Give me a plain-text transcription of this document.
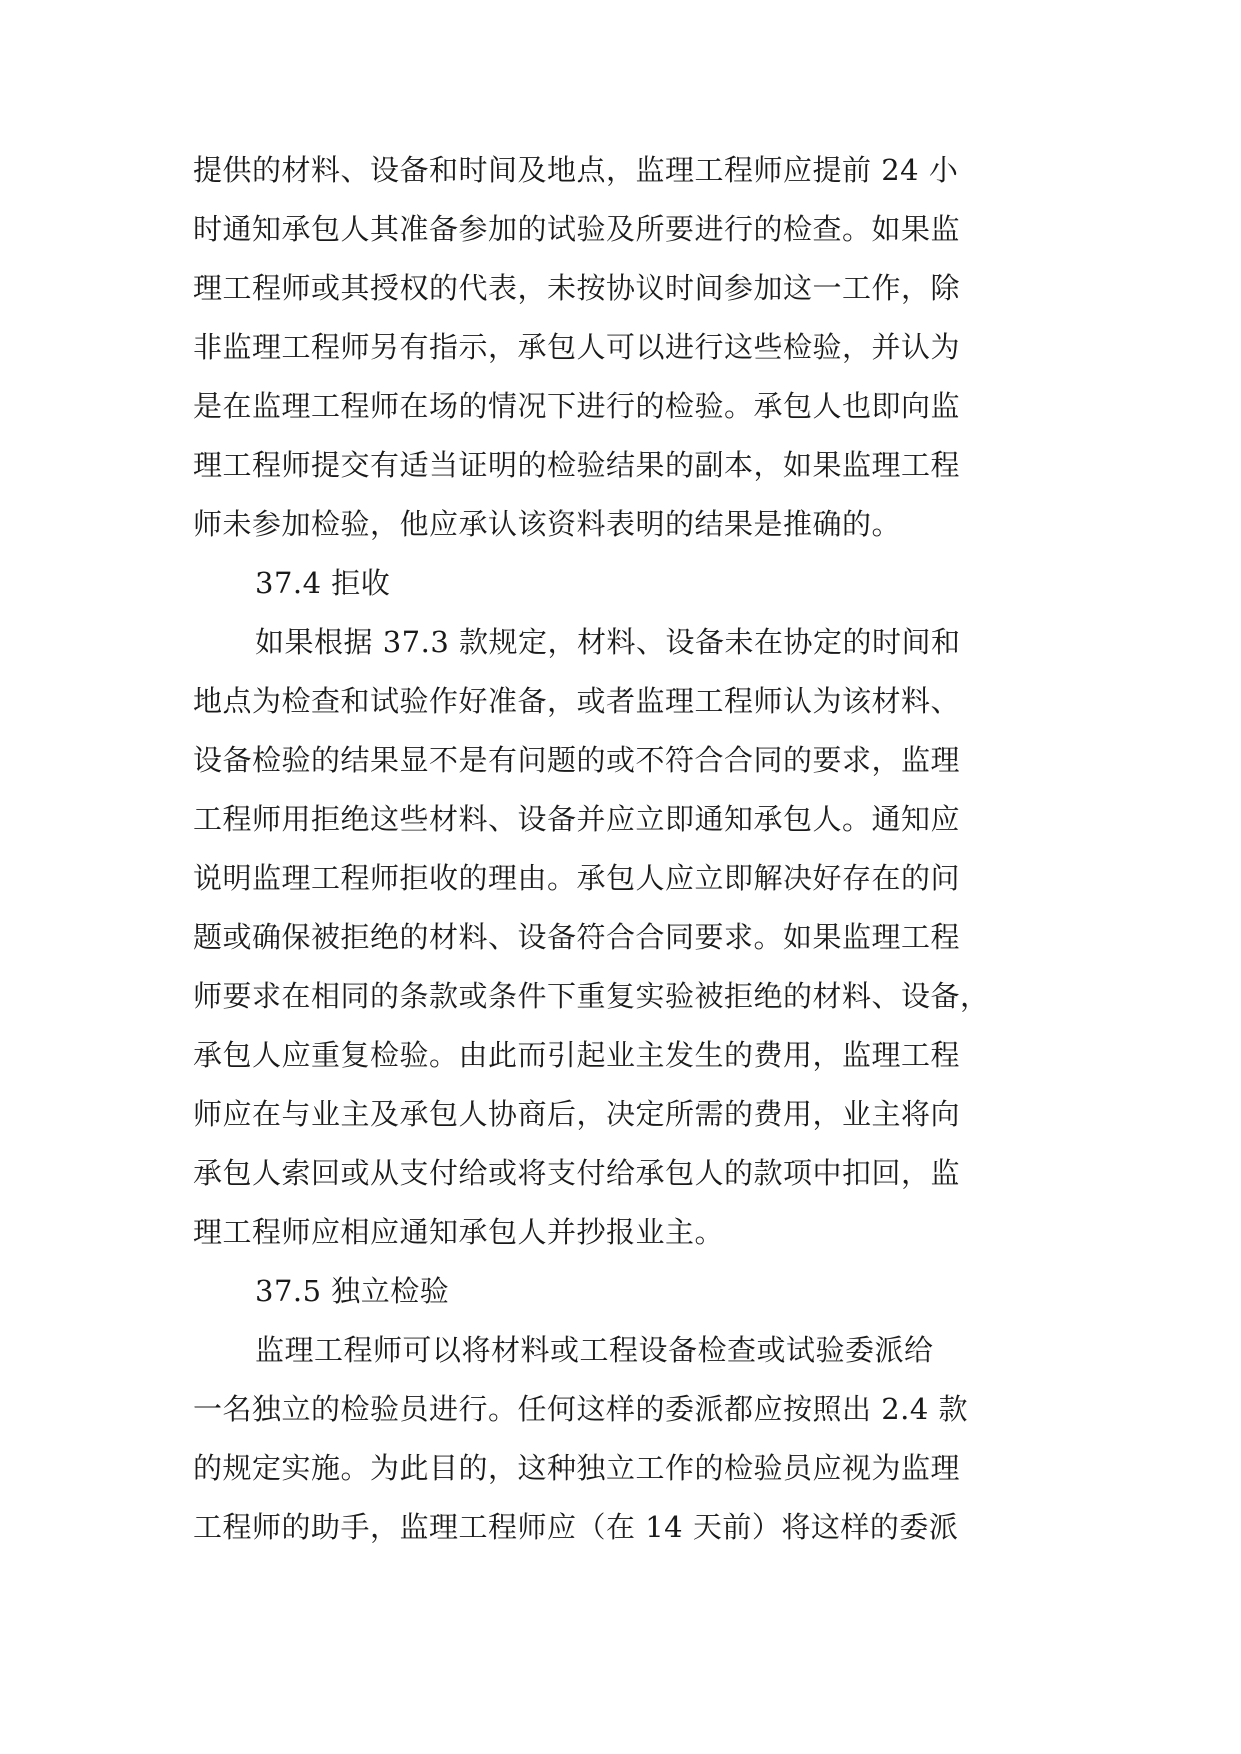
提供的材料、设备和时间及地点，监理工程师应提前 24 小
时通知承包人其准备参加的试验及所要进行的检查。如果监
理工程师或其授权的代表，未按协议时间参加这一工作，除
非监理工程师另有指示，承包人可以进行这些检验，并认为
是在监理工程师在场的情况下进行的检验。承包人也即向监
理工程师提交有适当证明的检验结果的副本，如果监理工程
师未参加检验，他应承认该资料表明的结果是推确的。
37.4 拒收
如果根据 37.3 款规定，材料、设备未在协定的时间和
地点为检查和试验作好准备，或者监理工程师认为该材料、
设备检验的结果显不是有问题的或不符合合同的要求，监理
工程师用拒绝这些材料、设备并应立即通知承包人。通知应
说明监理工程师拒收的理由。承包人应立即解决好存在的问
题或确保被拒绝的材料、设备符合合同要求。如果监理工程
师要求在相同的条款或条件下重复实验被拒绝的材料、设备，
承包人应重复检验。由此而引起业主发生的费用，监理工程
师应在与业主及承包人协商后，决定所需的费用，业主将向
承包人索回或从支付给或将支付给承包人的款项中扣回，监
理工程师应相应通知承包人并抄报业主。
37.5 独立检验
监理工程师可以将材料或工程设备检查或试验委派给
一名独立的检验员进行。任何这样的委派都应按照出 2.4 款
的规定实施。为此目的，这种独立工作的检验员应视为监理
工程师的助手，监理工程师应（在 14 天前）将这样的委派
